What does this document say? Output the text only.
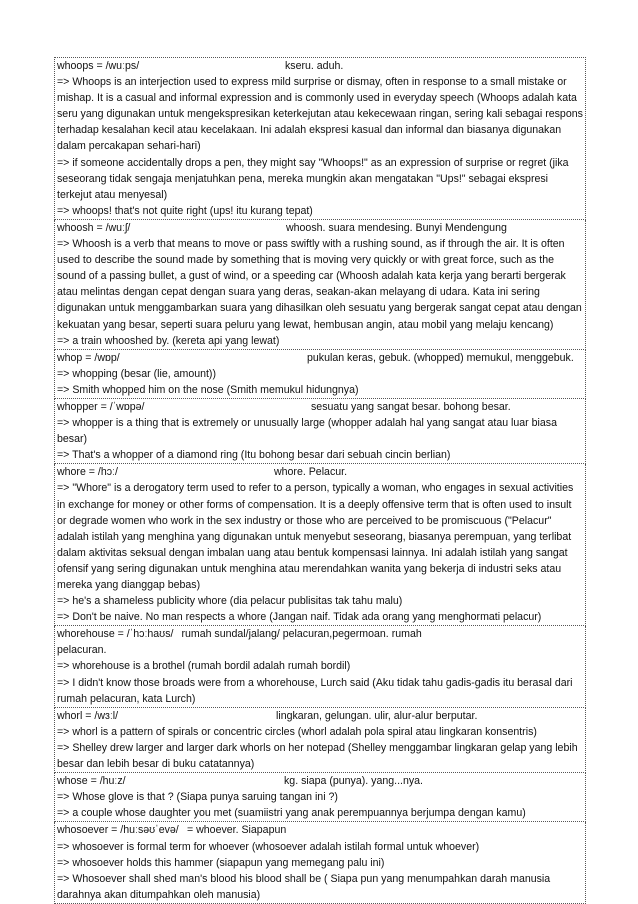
whoops = /wuːps/	kseru. aduh.
=> Whoops is an interjection used to express mild surprise or dismay, often in response to a small mistake or mishap. It is a casual and informal expression and is commonly used in everyday speech (Whoops adalah kata seru yang digunakan untuk mengekspresikan keterkejutan atau kekecewaan ringan, sering kali sebagai respons terhadap kesalahan kecil atau kecelakaan. Ini adalah ekspresi kasual dan informal dan biasanya digunakan dalam percakapan sehari-hari)
=> if someone accidentally drops a pen, they might say "Whoops!" as an expression of surprise or regret (jika seseorang tidak sengaja menjatuhkan pena, mereka mungkin akan mengatakan "Ups!" sebagai ekspresi terkejut atau menyesal)
=> whoops! that's not quite right (ups! itu kurang tepat)
whoosh = /wuːʃ/	whoosh. suara mendesing. Bunyi Mendengung
=> Whoosh is a verb that means to move or pass swiftly with a rushing sound, as if through the air. It is often used to describe the sound made by something that is moving very quickly or with great force, such as the sound of a passing bullet, a gust of wind, or a speeding car (Whoosh adalah kata kerja yang berarti bergerak atau melintas dengan cepat dengan suara yang deras, seakan-akan melayang di udara. Kata ini sering digunakan untuk menggambarkan suara yang dihasilkan oleh sesuatu yang bergerak sangat cepat atau dengan kekuatan yang besar, seperti suara peluru yang lewat, hembusan angin, atau mobil yang melaju kencang)
=> a train whooshed by. (kereta api yang lewat)
whop = /wɒp/	pukulan keras, gebuk. (whopped) memukul, menggebuk.
=> whopping (besar (lie, amount))
=> Smith whopped him on the nose (Smith memukul hidungnya)
whopper = /ˈwɒpə/	sesuatu yang sangat besar. bohong besar.
=> whopper is a thing that is extremely or unusually large (whopper adalah hal yang sangat atau luar biasa besar)
=> That's a whopper of a diamond ring (Itu bohong besar dari sebuah cincin berlian)
whore = /hɔː/	whore. Pelacur.
=> "Whore" is a derogatory term used to refer to a person, typically a woman, who engages in sexual activities in exchange for money or other forms of compensation. It is a deeply offensive term that is often used to insult or degrade women who work in the sex industry or those who are perceived to be promiscuous ("Pelacur" adalah istilah yang menghina yang digunakan untuk menyebut seseorang, biasanya perempuan, yang terlibat dalam aktivitas seksual dengan imbalan uang atau bentuk kompensasi lainnya. Ini adalah istilah yang sangat ofensif yang sering digunakan untuk menghina atau merendahkan wanita yang bekerja di industri seks atau mereka yang dianggap bebas)
=> he's a shameless publicity whore (dia pelacur publisitas tak tahu malu)
=> Don't be naive. No man respects a whore (Jangan naif. Tidak ada orang yang menghormati pelacur)
whorehouse = /ˈhɔːhaʊs/ rumah sundal/jalang/ pelacuran,pegermoan. rumah
pelacuran.
=> whorehouse is a brothel (rumah bordil adalah rumah bordil)
=> I didn't know those broads were from a whorehouse, Lurch said (Aku tidak tahu gadis-gadis itu berasal dari rumah pelacuran, kata Lurch)
whorl = /wɜːl/	lingkaran, gelungan. ulir, alur-alur berputar.
=> whorl is a pattern of spirals or concentric circles (whorl adalah pola spiral atau lingkaran konsentris)
=> Shelley drew larger and larger dark whorls on her notepad (Shelley menggambar lingkaran gelap yang lebih besar dan lebih besar di buku catatannya)
whose = /huːz/	kg. siapa (punya). yang...nya.
=> Whose glove is that ? (Siapa punya saruing tangan ini ?)
=> a couple whose daughter you met (suamiistri yang anak perempuannya berjumpa dengan kamu)
whosoever = /huːsəʊˈevə/ = whoever. Siapapun
=> whosoever is formal term for whoever (whosoever adalah istilah formal untuk whoever)
=> whosoever holds this hammer (siapapun yang memegang palu ini)
=> Whosoever shall shed man's blood his blood shall be ( Siapa pun yang menumpahkan darah manusia darahnya akan ditumpahkan oleh manusia)
